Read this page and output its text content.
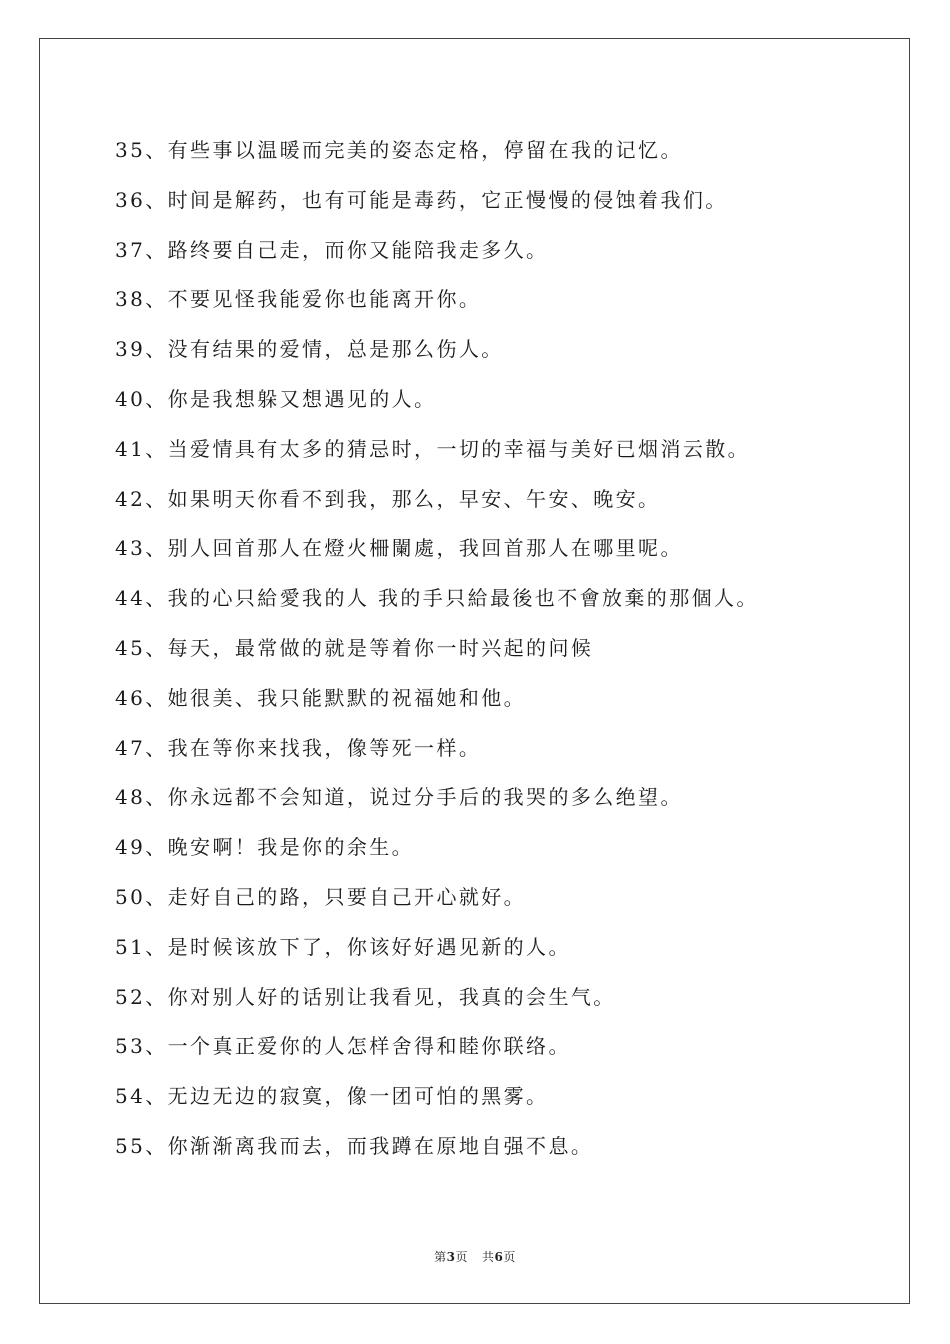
35、有些事以温暖而完美的姿态定格，停留在我的记忆。
36、时间是解药，也有可能是毒药，它正慢慢的侵蚀着我们。
37、路终要自己走，而你又能陪我走多久。
38、不要见怪我能爱你也能离开你。
39、没有结果的爱情，总是那么伤人。
40、你是我想躲又想遇见的人。
41、当爱情具有太多的猜忌时，一切的幸福与美好已烟消云散。
42、如果明天你看不到我，那么，早安、午安、晚安。
43、别人回首那人在燈火柵闌處，我回首那人在哪里呢。
44、我的心只給愛我的人 我的手只給最後也不會放棄的那個人。
45、每天，最常做的就是等着你一时兴起的问候
46、她很美、我只能默默的祝福她和他。
47、我在等你来找我，像等死一样。
48、你永远都不会知道，说过分手后的我哭的多么绝望。
49、晚安啊！我是你的余生。
50、走好自己的路，只要自己开心就好。
51、是时候该放下了，你该好好遇见新的人。
52、你对别人好的话别让我看见，我真的会生气。
53、一个真正爱你的人怎样舍得和睦你联络。
54、无边无边的寂寞，像一团可怕的黑雾。
55、你渐渐离我而去，而我蹲在原地自强不息。
第3页 共6页
